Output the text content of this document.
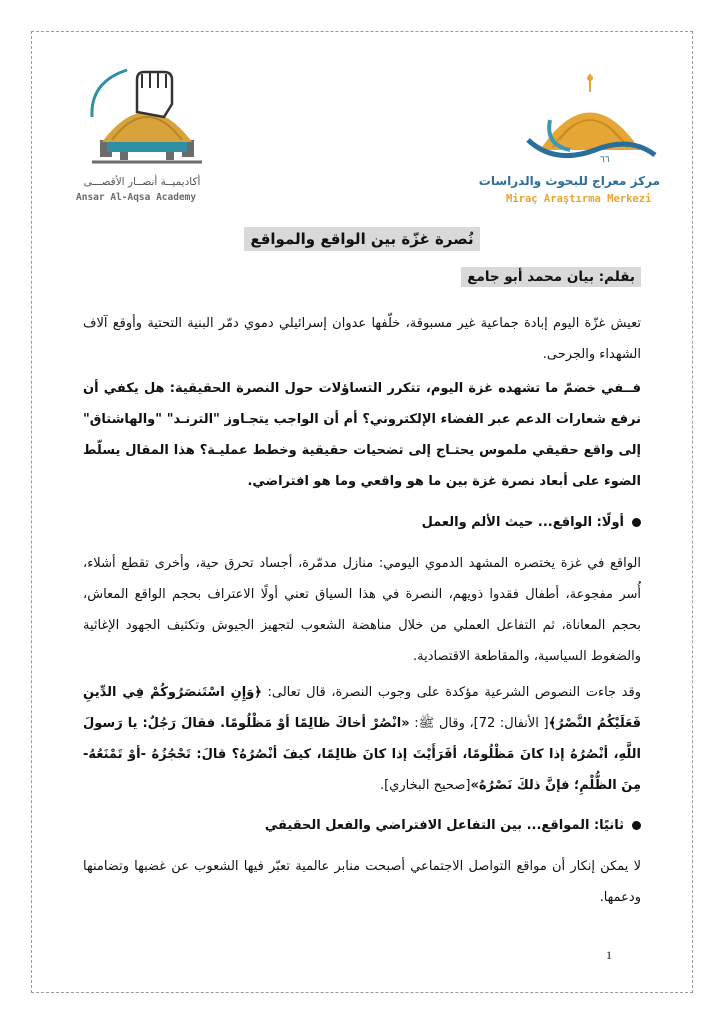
أكاديميــة أنصــار الأقصـــى
Ansar Al-Aqsa Academy
٦٦
مركز معراج للبحوث والدراسات
Miraç Araştırma Merkezi
نُصرة غزّة بين الواقع والمواقع
بقلم: بيان محمد أبو جامع
تعيش غزّة اليوم إبادة جماعية غير مسبوقة، خلّفها عدوان إسرائيلي دموي دمّر البنية التحتية وأوقع آلاف الشهداء والجرحى.
فــفي خضمّ ما تشهده غزة اليوم، تتكرر التساؤلات حول النصرة الحقيقية: هل يكفي أن نرفع شعارات الدعم عبر الفضاء الإلكتروني؟ أم أن الواجب يتجـاوز "الترنـد" "والهاشتاق" إلى واقع حقيقي ملموس يحتـاج إلى تضحيات حقيقية وخطط عمليـة؟ هذا المقال يسلّط الضوء على أبعاد نصرة غزة بين ما هو واقعي وما هو افتراضي.
أولًا: الواقع... حيث الألم والعمل
الواقع في غزة يختصره المشهد الدموي اليومي: منازل مدمّرة، أجساد تحرق حية، وأخرى تقطع أشلاء، أُسر مفجوعة، أطفال فقدوا ذويهم، النصرة في هذا السياق تعني أولًا الاعتراف بحجم الواقع المعاش، بحجم المعاناة، ثم التفاعل العملي من خلال مناهضة الشعوب لتجهيز الجيوش وتكثيف الجهود الإغاثية والضغوط السياسية، والمقاطعة الاقتصادية.
وقد جاءت النصوص الشرعية مؤكدة على وجوب النصرة، قال تعالى: ﴿وَإِنِ اسْتَنصَرُوكُمْ فِي الدِّينِ فَعَلَيْكُمُ النَّصْرُ﴾[ الأنفال: 72]، وقال ﷺ: «انْصُرْ أخاكَ ظالِمًا أوْ مَظْلُومًا. فقالَ رَجُلٌ: يا رَسولَ اللَّهِ، أنْصُرُهُ إذا كانَ مَظْلُومًا، أفَرَأَيْتَ إذا كانَ ظالِمًا، كيفَ أنْصُرُهُ؟ قالَ: تَحْجُزُهُ -أوْ تَمْنَعُهُ- مِنَ الظُّلْمِ؛ فإنَّ ذلكَ نَصْرُهُ»[صحيح البخاري].
ثانيًا: المواقع... بين التفاعل الافتراضي والفعل الحقيقي
لا يمكن إنكار أن مواقع التواصل الاجتماعي أصبحت منابر عالمية تعبّر فيها الشعوب عن غضبها وتضامنها ودعمها.
1
